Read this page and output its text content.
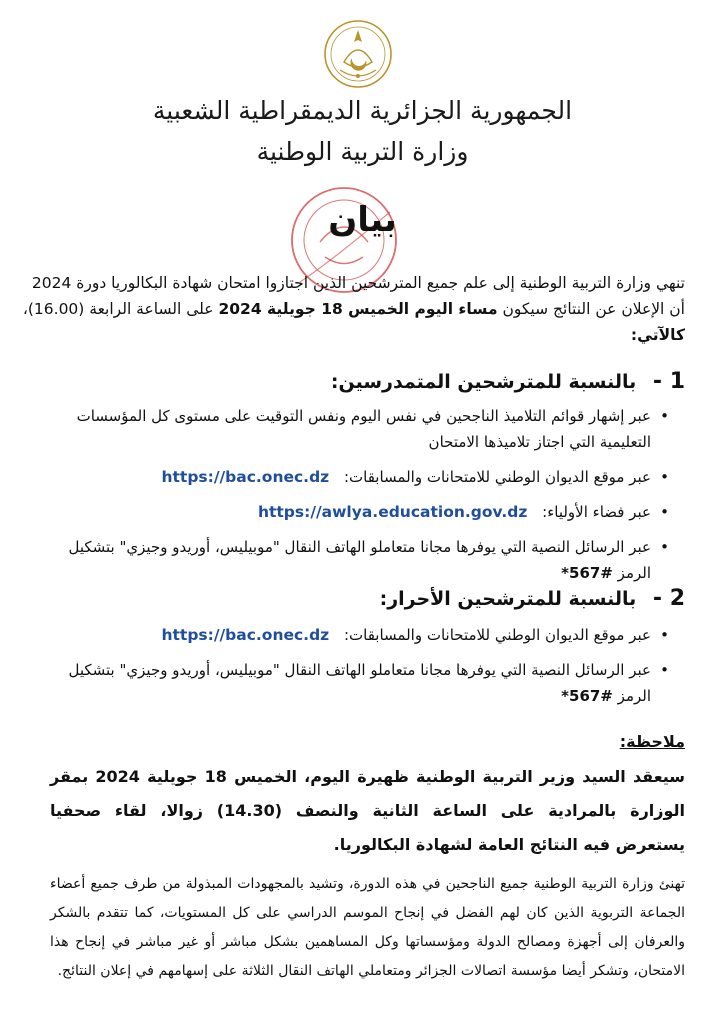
الجمهورية الجزائرية الديمقراطية الشعبية
وزارة التربية الوطنية
بيان
تنهي وزارة التربية الوطنية إلى علم جميع المترشحين الذين اجتازوا امتحان شهادة البكالوريا دورة 2024
أن الإعلان عن النتائج سيكون مساء اليوم الخميس 18 جويلية 2024 على الساعة الرابعة (16.00)،
كالآتي:
1 - بالنسبة للمترشحين المتمدرسين:
• عبر إشهار قوائم التلاميذ الناجحين في نفس اليوم ونفس التوقيت على مستوى كل المؤسسات التعليمية التي اجتاز تلاميذها الامتحان
• عبر موقع الديوان الوطني للامتحانات والمسابقات: https://bac.onec.dz
• عبر فضاء الأولياء: https://awlya.education.gov.dz
• عبر الرسائل النصية التي يوفرها مجانا متعاملو الهاتف النقال "موبيليس، أوريدو وجيزي" بتشكيل الرمز *567#
2 - بالنسبة للمترشحين الأحرار:
• عبر موقع الديوان الوطني للامتحانات والمسابقات: https://bac.onec.dz
• عبر الرسائل النصية التي يوفرها مجانا متعاملو الهاتف النقال "موبيليس، أوريدو وجيزي" بتشكيل الرمز *567#
ملاحظة:
سيعقد السيد وزير التربية الوطنية ظهيرة اليوم، الخميس 18 جويلية 2024 بمقر الوزارة بالمرادية على الساعة الثانية والنصف (14.30) زوالا، لقاء صحفيا يستعرض فيه النتائج العامة لشهادة البكالوريا.
تهنئ وزارة التربية الوطنية جميع الناجحين في هذه الدورة، وتشيد بالمجهودات المبذولة من طرف جميع أعضاء الجماعة التربوية الذين كان لهم الفضل في إنجاح الموسم الدراسي على كل المستويات، كما تتقدم بالشكر والعرفان إلى أجهزة ومصالح الدولة ومؤسساتها وكل المساهمين بشكل مباشر أو غير مباشر في إنجاح هذا الامتحان، وتشكر أيضا مؤسسة اتصالات الجزائر ومتعاملي الهاتف النقال الثلاثة على إسهامهم في إعلان النتائج.
